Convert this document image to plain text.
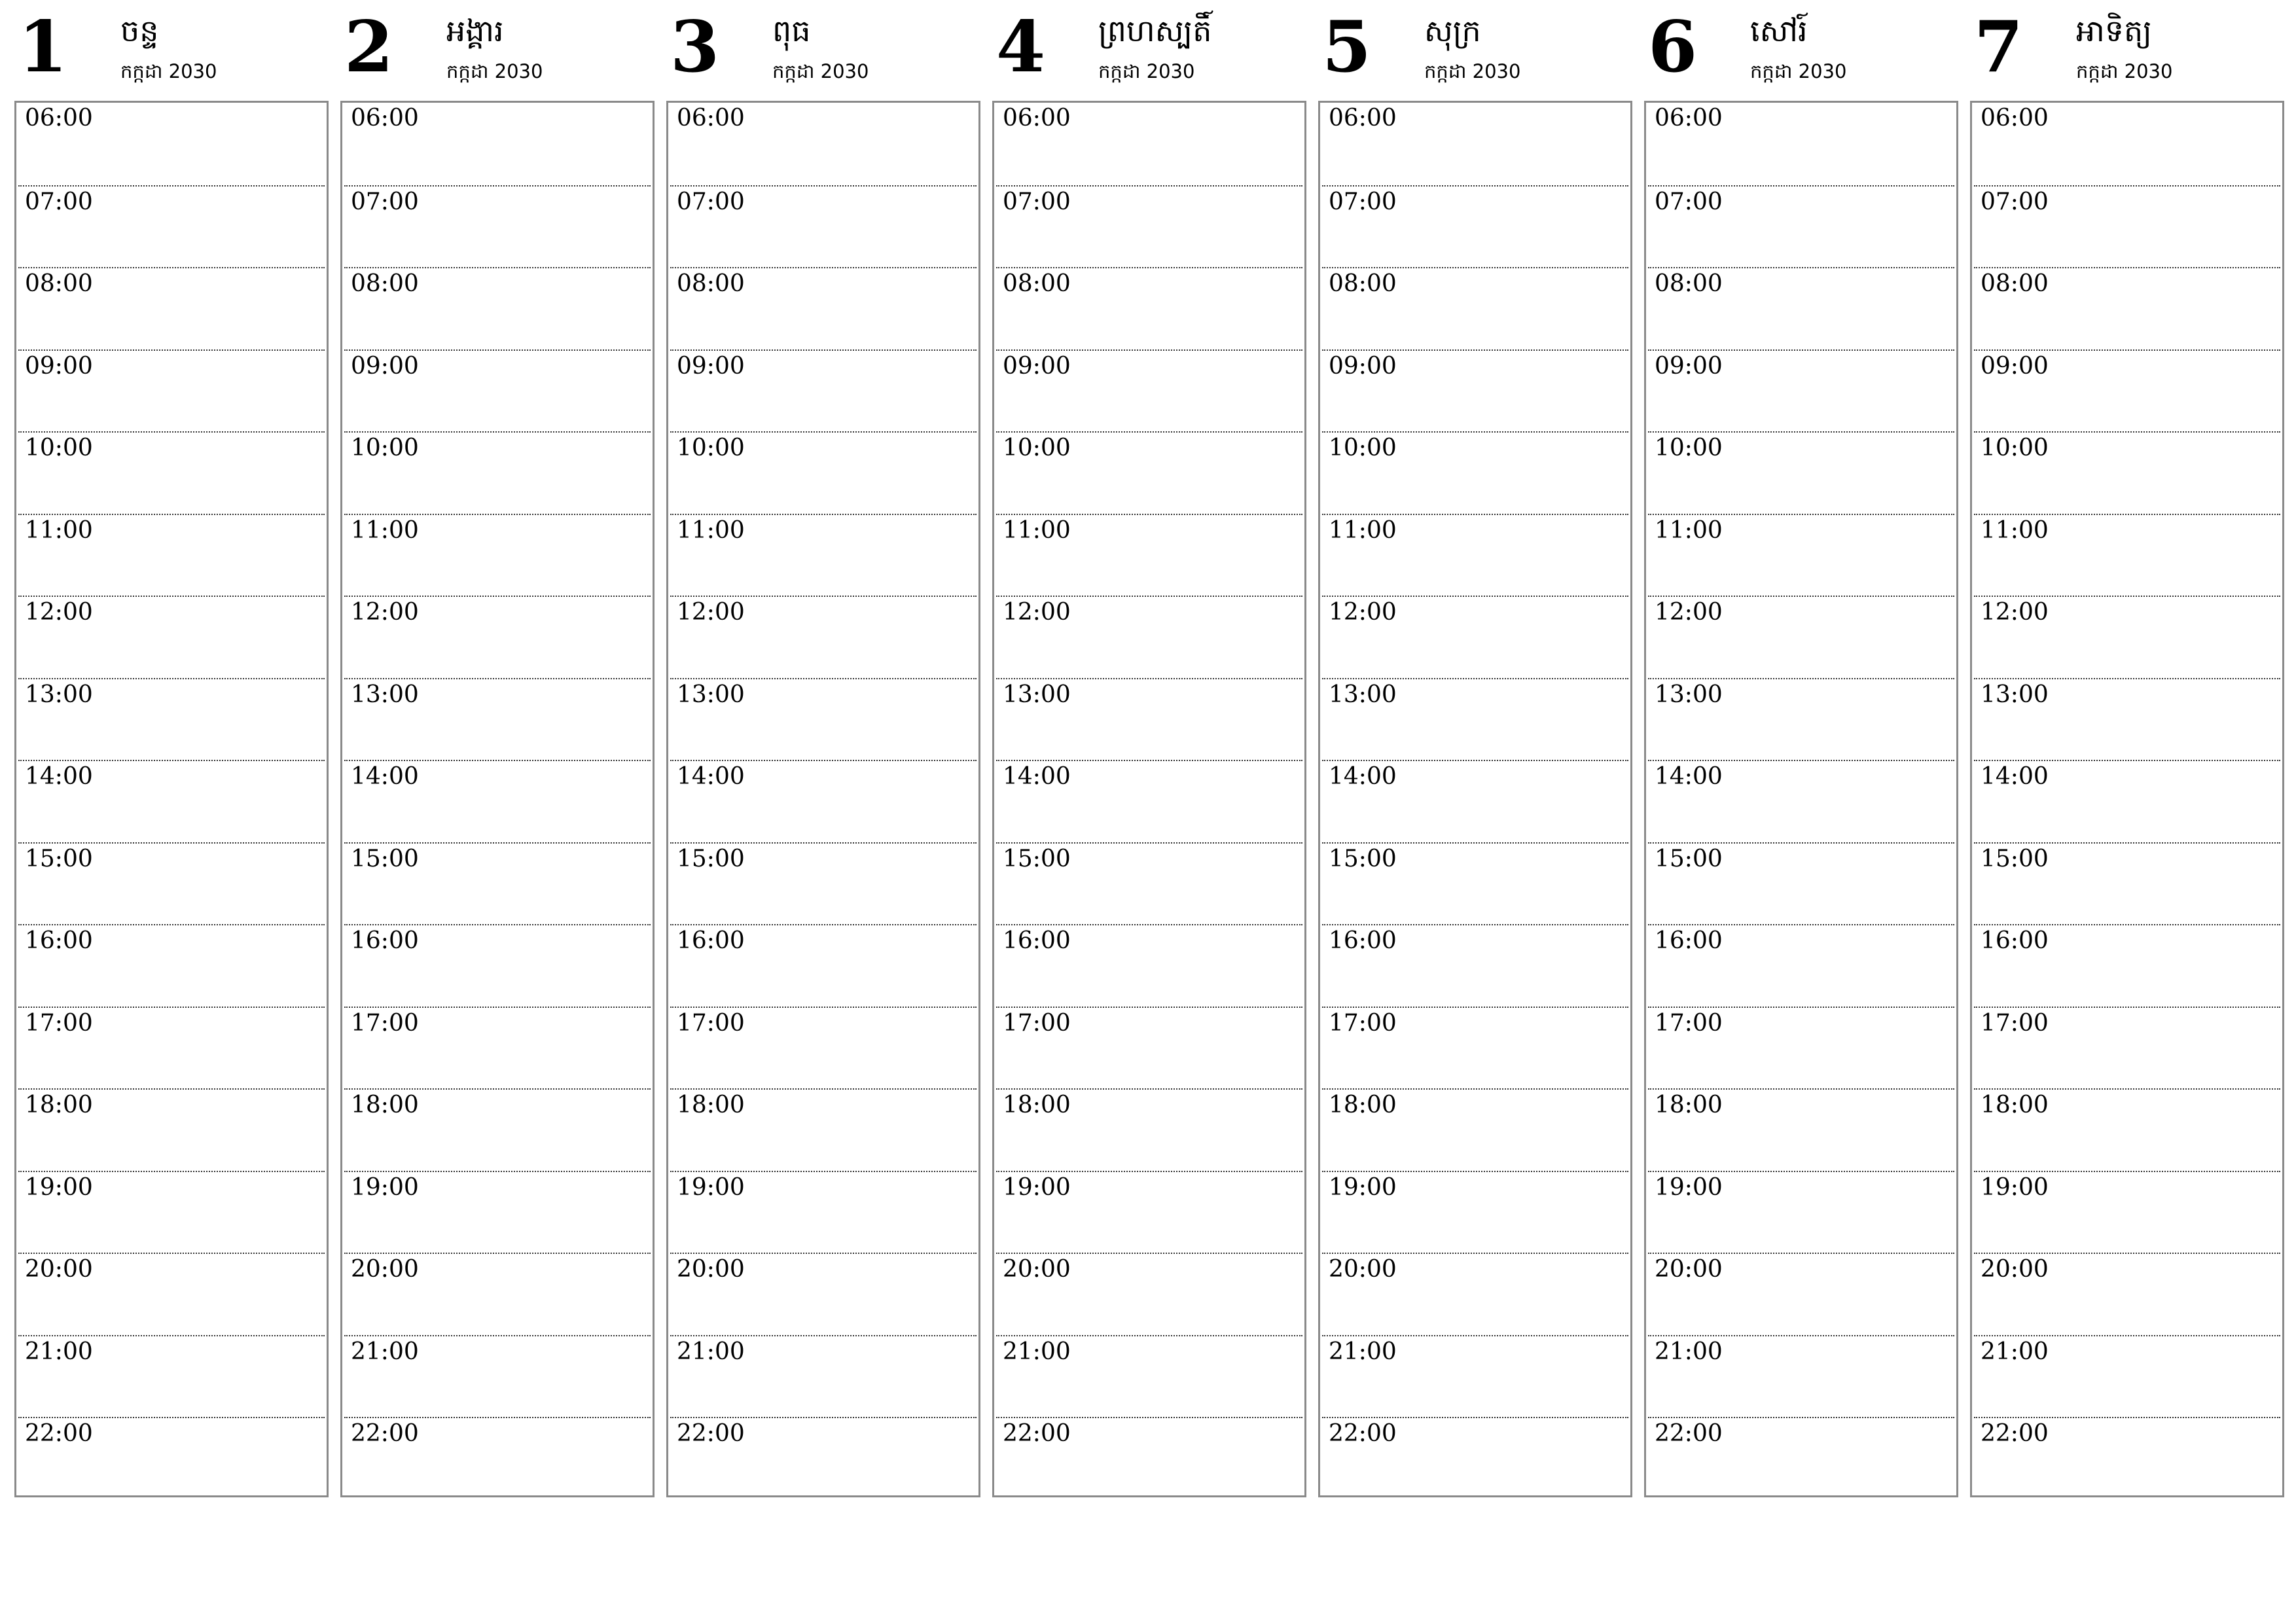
1 ចន្ទ
កក្កដា 2030
06:00
07:00
08:00
09:00
10:00
11:00
12:00
13:00
14:00
15:00
16:00
17:00
18:00
19:00
20:00
21:00
22:00
2 អង្គារ
កក្កដា 2030
06:00
07:00
08:00
09:00
10:00
11:00
12:00
13:00
14:00
15:00
16:00
17:00
18:00
19:00
20:00
21:00
22:00
3 ពុធ
កក្កដា 2030
06:00
07:00
08:00
09:00
10:00
11:00
12:00
13:00
14:00
15:00
16:00
17:00
18:00
19:00
20:00
21:00
22:00
4 ព្រហស្បតិ៍
កក្កដា 2030
06:00
07:00
08:00
09:00
10:00
11:00
12:00
13:00
14:00
15:00
16:00
17:00
18:00
19:00
20:00
21:00
22:00
5 សុក្រ
កក្កដា 2030
06:00
07:00
08:00
09:00
10:00
11:00
12:00
13:00
14:00
15:00
16:00
17:00
18:00
19:00
20:00
21:00
22:00
6 សៅរ៍
កក្កដា 2030
06:00
07:00
08:00
09:00
10:00
11:00
12:00
13:00
14:00
15:00
16:00
17:00
18:00
19:00
20:00
21:00
22:00
7 អាទិត្យ
កក្កដា 2030
06:00
07:00
08:00
09:00
10:00
11:00
12:00
13:00
14:00
15:00
16:00
17:00
18:00
19:00
20:00
21:00
22:00
